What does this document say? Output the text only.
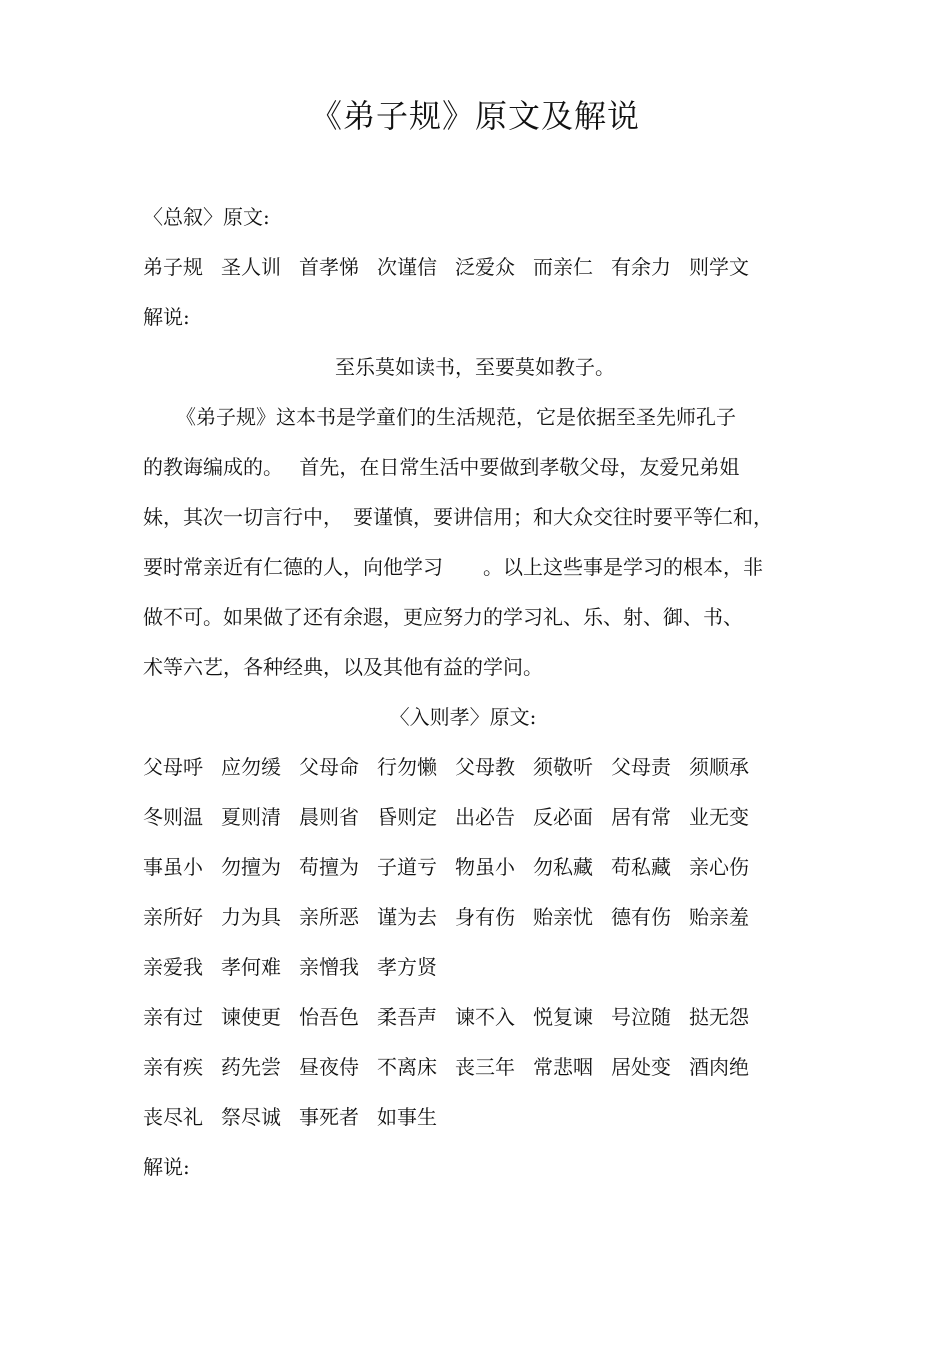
《弟子规》原文及解说
〈总叙〉原文:
弟子规 圣人训 首孝悌 次谨信 泛爱众 而亲仁 有余力 则学文
解说:
至乐莫如读书，至要莫如教子。
《弟子规》这本书是学童们的生活规范，它是依据至圣先师孔子
的教诲编成的。　 首先，在日常生活中要做到孝敬父母，友爱兄弟姐
妹，其次一切言行中，　要谨慎，要讲信用；和大众交往时要平等仁和，
要时常亲近有仁德的人，向他学习　　。以上这些事是学习的根本，非
做不可。如果做了还有余遐，更应努力的学习礼、乐、射、御、书、
术等六艺，各种经典，以及其他有益的学问。
〈入则孝〉原文:
父母呼 应勿缓 父母命 行勿懒 父母教 须敬听 父母责 须顺承
冬则温 夏则清 晨则省 昏则定 出必告 反必面 居有常 业无变
事虽小 勿擅为 苟擅为 子道亏 物虽小 勿私藏 苟私藏 亲心伤
亲所好 力为具 亲所恶 谨为去 身有伤 贻亲忧 德有伤 贻亲羞
亲爱我 孝何难 亲憎我 孝方贤
亲有过 谏使更 怡吾色 柔吾声 谏不入 悦复谏 号泣随 挞无怨
亲有疾 药先尝 昼夜侍 不离床 丧三年 常悲咽 居处变 酒肉绝
丧尽礼 祭尽诚 事死者 如事生
解说:
